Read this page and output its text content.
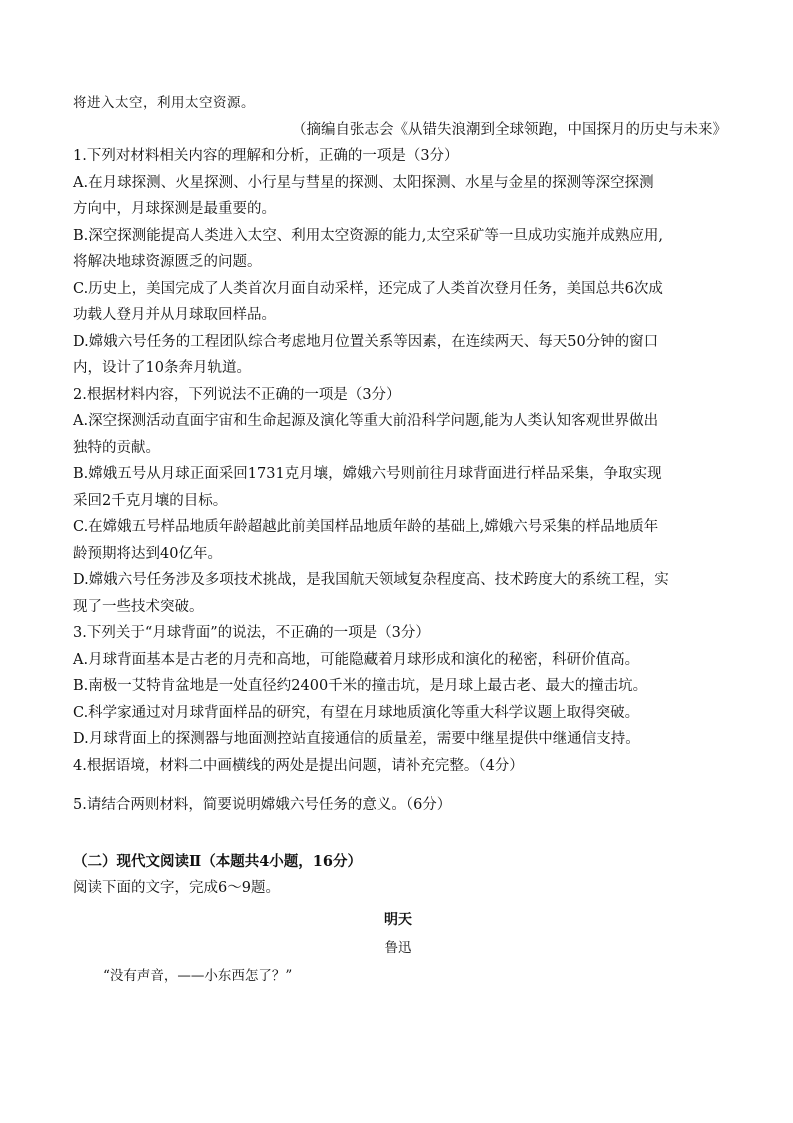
将进入太空，利用太空资源。
（摘编自张志会《从错失浪潮到全球领跑，中国探月的历史与未来》
1.下列对材料相关内容的理解和分析，正确的一项是（3分）
A.在月球探测、火星探测、小行星与彗星的探测、太阳探测、水星与金星的探测等深空探测
方向中，月球探测是最重要的。
B.深空探测能提高人类进入太空、利用太空资源的能力,太空采矿等一旦成功实施并成熟应用,
将解决地球资源匮乏的问题。
C.历史上，美国完成了人类首次月面自动采样，还完成了人类首次登月任务，美国总共6次成
功载人登月并从月球取回样品。
D.嫦娥六号任务的工程团队综合考虑地月位置关系等因素，在连续两天、每天50分钟的窗口
内，设计了10条奔月轨道。
2.根据材料内容，下列说法不正确的一项是（3分）
A.深空探测活动直面宇宙和生命起源及演化等重大前沿科学问题,能为人类认知客观世界做出
独特的贡献。
B.嫦娥五号从月球正面采回1731克月壤，嫦娥六号则前往月球背面进行样品采集，争取实现
采回2千克月壤的目标。
C.在嫦娥五号样品地质年龄超越此前美国样品地质年龄的基础上,嫦娥六号采集的样品地质年
龄预期将达到40亿年。
D.嫦娥六号任务涉及多项技术挑战，是我国航天领域复杂程度高、技术跨度大的系统工程，实
现了一些技术突破。
3.下列关于“月球背面”的说法，不正确的一项是（3分）
A.月球背面基本是古老的月壳和高地，可能隐藏着月球形成和演化的秘密，科研价值高。
B.南极一艾特肯盆地是一处直径约2400千米的撞击坑，是月球上最古老、最大的撞击坑。
C.科学家通过对月球背面样品的研究，有望在月球地质演化等重大科学议题上取得突破。
D.月球背面上的探测器与地面测控站直接通信的质量差，需要中继星提供中继通信支持。
4.根据语境，材料二中画横线的两处是提出问题，请补充完整。（4分）
5.请结合两则材料，简要说明嫦娥六号任务的意义。（6分）
（二）现代文阅读Ⅱ（本题共4小题，16分）
阅读下面的文字，完成6～9题。
明天
鲁迅
“没有声音，——小东西怎了？”
